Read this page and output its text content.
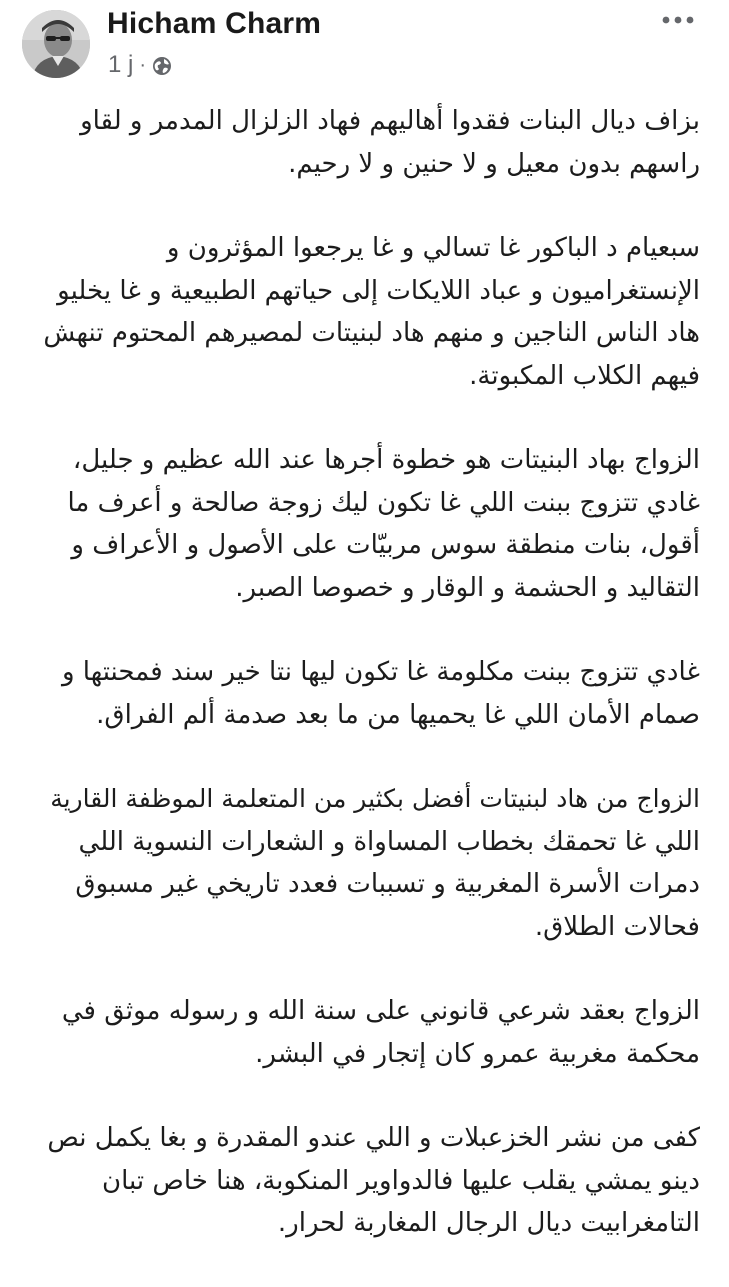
Hicham Charm
1 j ·

بزاف ديال البنات فقدوا أهاليهم فهاد الزلزال المدمر و لقاو
راسهم بدون معيل و لا حنين و لا رحيم.

سبعيام د الباكور غا تسالي و غا يرجعوا المؤثرون و
الإنستغراميون و عباد اللايكات إلى حياتهم الطبيعية و غا يخليو
هاد الناس الناجين و منهم هاد لبنيتات لمصيرهم المحتوم تنهش
فيهم الكلاب المكبوتة.

الزواج بهاد البنيتات هو خطوة أجرها عند الله عظيم و جليل،
غادي تتزوج ببنت اللي غا تكون ليك زوجة صالحة و أعرف ما
أقول، بنات منطقة سوس مربيّات على الأصول و الأعراف و
التقاليد و الحشمة و الوقار و خصوصا الصبر.

غادي تتزوج ببنت مكلومة غا تكون ليها نتا خير سند فمحنتها و
صمام الأمان اللي غا يحميها من ما بعد صدمة ألم الفراق.

الزواج من هاد لبنيتات أفضل بكثير من المتعلمة الموظفة القارية
اللي غا تحمقك بخطاب المساواة و الشعارات النسوية اللي
دمرات الأسرة المغربية و تسببات فعدد تاريخي غير مسبوق
فحالات الطلاق.

الزواج بعقد شرعي قانوني على سنة الله و رسوله موثق في
محكمة مغربية عمرو كان إتجار في البشر.

كفى من نشر الخزعبلات و اللي عندو المقدرة و بغا يكمل نص
دينو يمشي يقلب عليها فالدواوير المنكوبة، هنا خاص تبان
التامغرابيت ديال الرجال المغاربة لحرار.
